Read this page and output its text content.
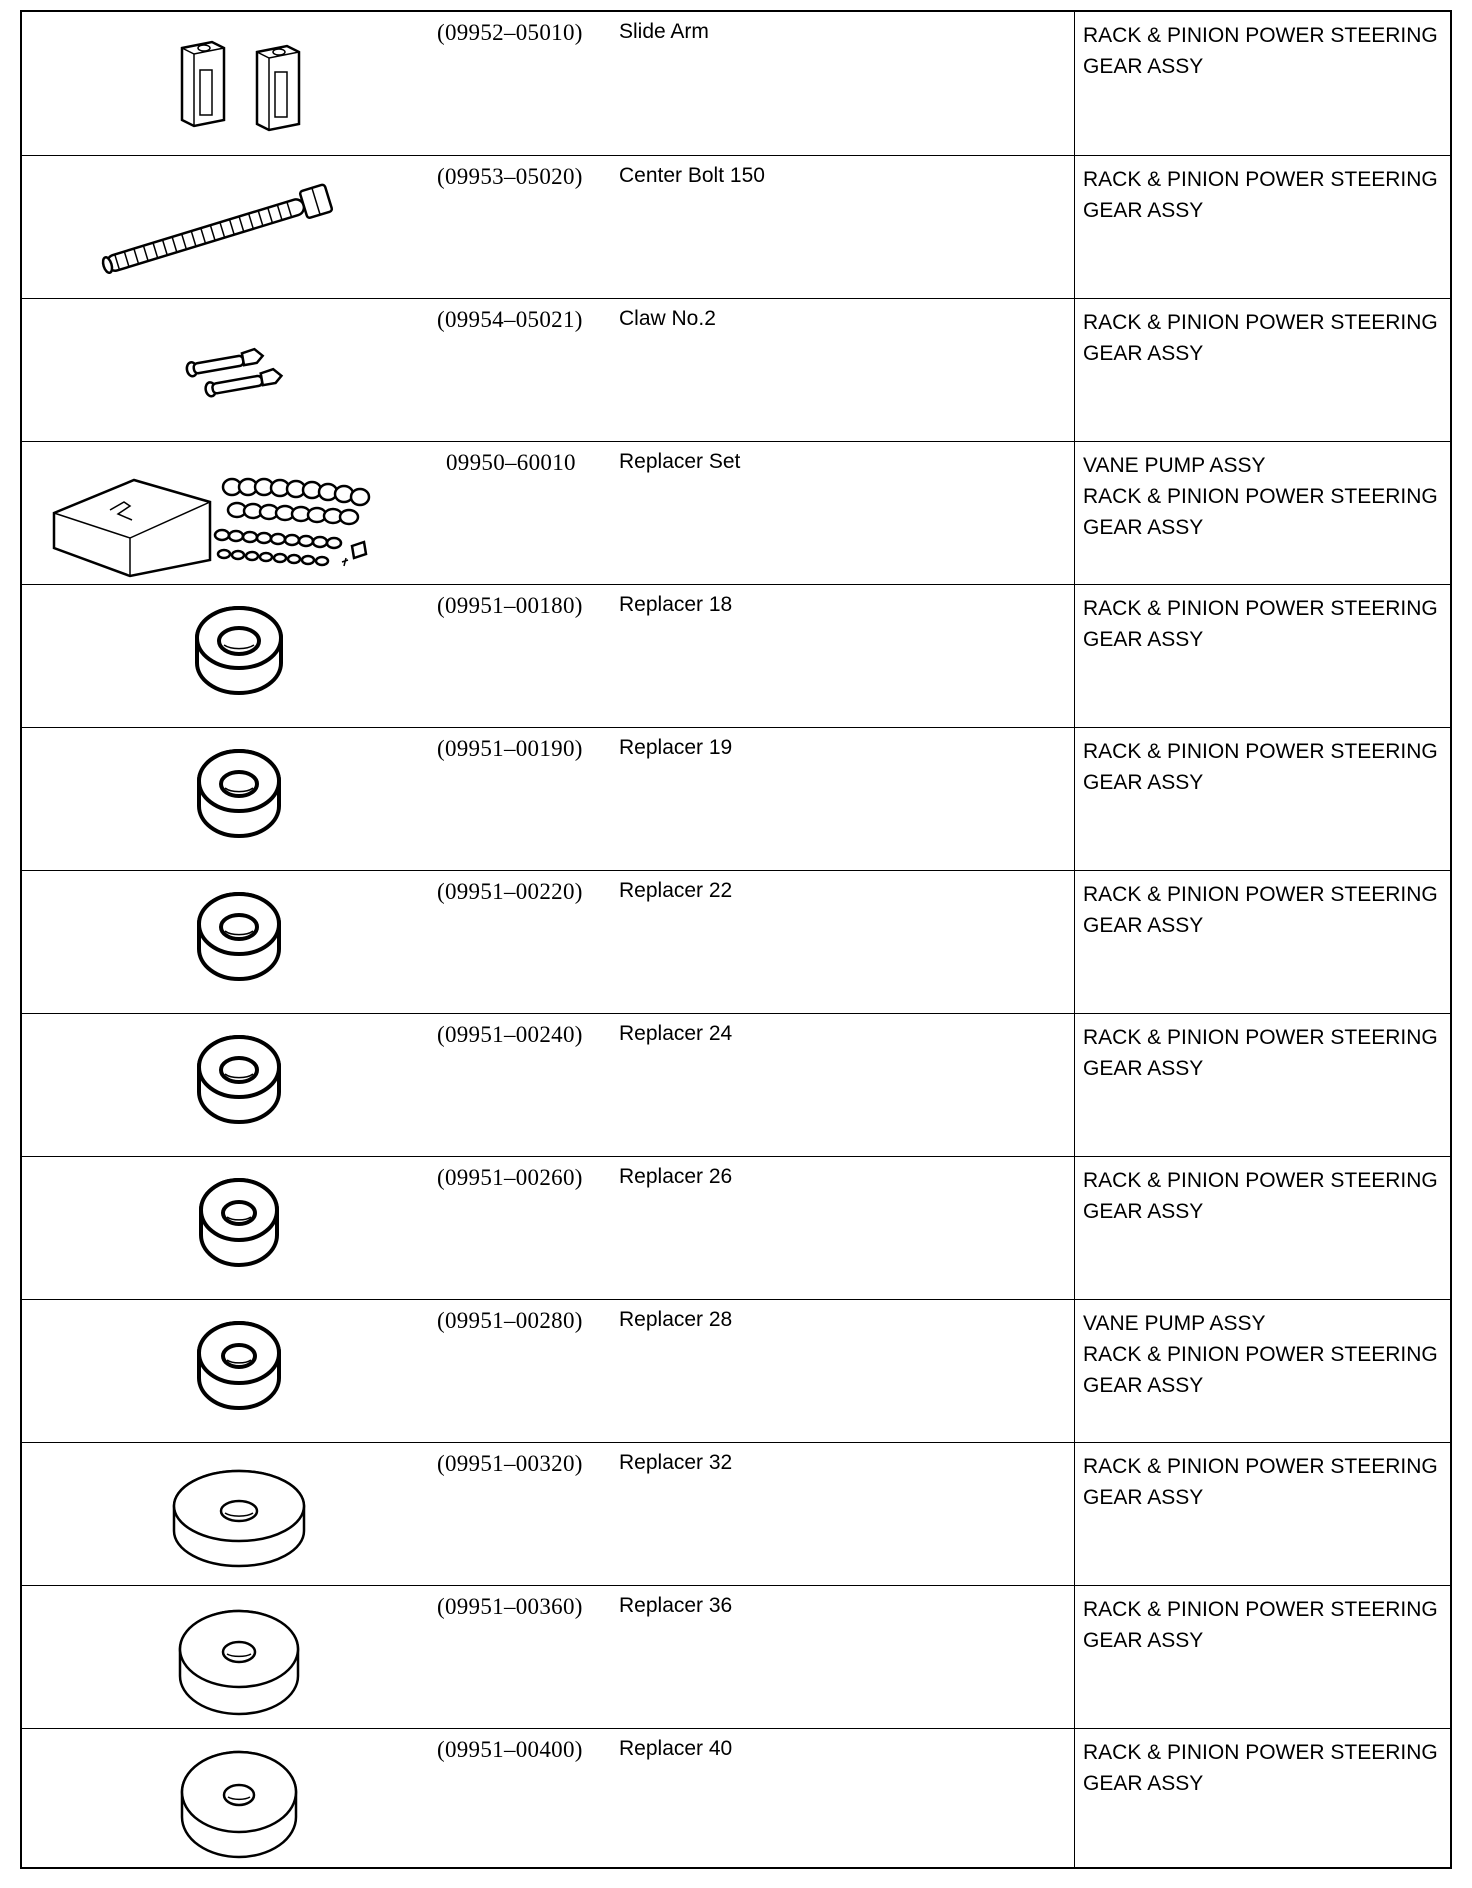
(09952–05010) Slide Arm	RACK & PINION POWER STEERING
GEAR ASSY
(09953–05020) Center Bolt 150	RACK & PINION POWER STEERING
GEAR ASSY
(09954–05021) Claw No.2	RACK & PINION POWER STEERING
GEAR ASSY
09950–60010 Replacer Set	VANE PUMP ASSY
RACK & PINION POWER STEERING
GEAR ASSY
(09951–00180) Replacer 18	RACK & PINION POWER STEERING
GEAR ASSY
(09951–00190) Replacer 19	RACK & PINION POWER STEERING
GEAR ASSY
(09951–00220) Replacer 22	RACK & PINION POWER STEERING
GEAR ASSY
(09951–00240) Replacer 24	RACK & PINION POWER STEERING
GEAR ASSY
(09951–00260) Replacer 26	RACK & PINION POWER STEERING
GEAR ASSY
(09951–00280) Replacer 28	VANE PUMP ASSY
RACK & PINION POWER STEERING
GEAR ASSY
(09951–00320) Replacer 32	RACK & PINION POWER STEERING
GEAR ASSY
(09951–00360) Replacer 36	RACK & PINION POWER STEERING
GEAR ASSY
(09951–00400) Replacer 40	RACK & PINION POWER STEERING
GEAR ASSY
